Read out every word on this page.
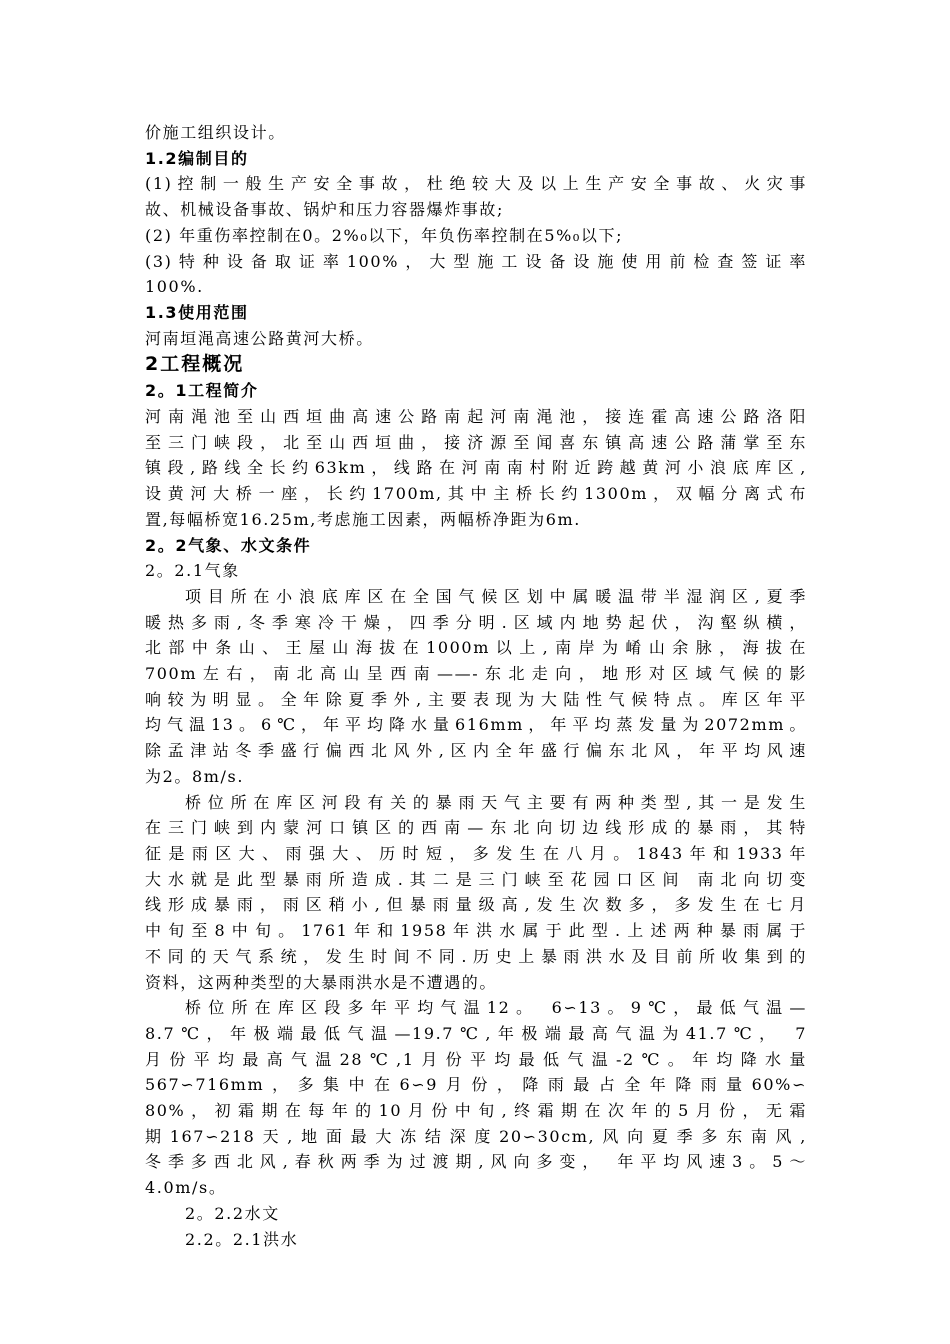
价施工组织设计。
1.2编制目的
(1)控制一般生产安全事故，杜绝较大及以上生产安全事故、火灾事
故、机械设备事故、锅炉和压力容器爆炸事故;
(2) 年重伤率控制在0。2%₀以下，年负伤率控制在5%₀以下;
(3)特种设备取证率100%，大型施工设备设施使用前检查签证率
100%.
1.3使用范围
河南垣渑高速公路黄河大桥。
2工程概况
2。1工程简介
河南渑池至山西垣曲高速公路南起河南渑池，接连霍高速公路洛阳
至三门峡段，北至山西垣曲，接济源至闻喜东镇高速公路蒲掌至东
镇段,路线全长约63km，线路在河南南村附近跨越黄河小浪底库区,
设黄河大桥一座，长约1700m,其中主桥长约1300m，双幅分离式布
置,每幅桥宽16.25m,考虑施工因素，两幅桥净距为6m.
2。2气象、水文条件
2。2.1气象
项目所在小浪底库区在全国气候区划中属暖温带半湿润区,夏季
暖热多雨,冬季寒冷干燥，四季分明.区域内地势起伏，沟壑纵横，
北部中条山、王屋山海拔在1000m以上,南岸为崤山余脉，海拔在
700m左右，南北高山呈西南——-东北走向，地形对区域气候的影
响较为明显。全年除夏季外,主要表现为大陆性气候特点。库区年平
均气温13。6℃，年平均降水量616mm，年平均蒸发量为2072mm。
除孟津站冬季盛行偏西北风外,区内全年盛行偏东北风，年平均风速
为2。8m/s.
桥位所在库区河段有关的暴雨天气主要有两种类型,其一是发生
在三门峡到内蒙河口镇区的西南—东北向切边线形成的暴雨，其特
征是雨区大、雨强大、历时短，多发生在八月。1843年和1933年
大水就是此型暴雨所造成.其二是三门峡至花园口区间 南北向切变
线形成暴雨，雨区稍小,但暴雨量级高,发生次数多，多发生在七月
中旬至8中旬。1761年和1958年洪水属于此型.上述两种暴雨属于
不同的天气系统，发生时间不同.历史上暴雨洪水及目前所收集到的
资料，这两种类型的大暴雨洪水是不遭遇的。
桥位所在库区段多年平均气温12。 6∽13。9℃，最低气温—
8.7℃，年极端最低气温—19.7℃,年极端最高气温为41.7℃， 7
月份平均最高气温28℃,1月份平均最低气温-2℃。年均降水量
567∽716mm，多集中在6∽9月份，降雨最占全年降雨量60%∽
80%，初霜期在每年的10月份中旬,终霜期在次年的5月份，无霜
期167∽218天,地面最大冻结深度20∽30cm,风向夏季多东南风,
冬季多西北风,春秋两季为过渡期,风向多变， 年平均风速3。5～
4.0m/s。
2。2.2水文
2.2。2.1洪水
